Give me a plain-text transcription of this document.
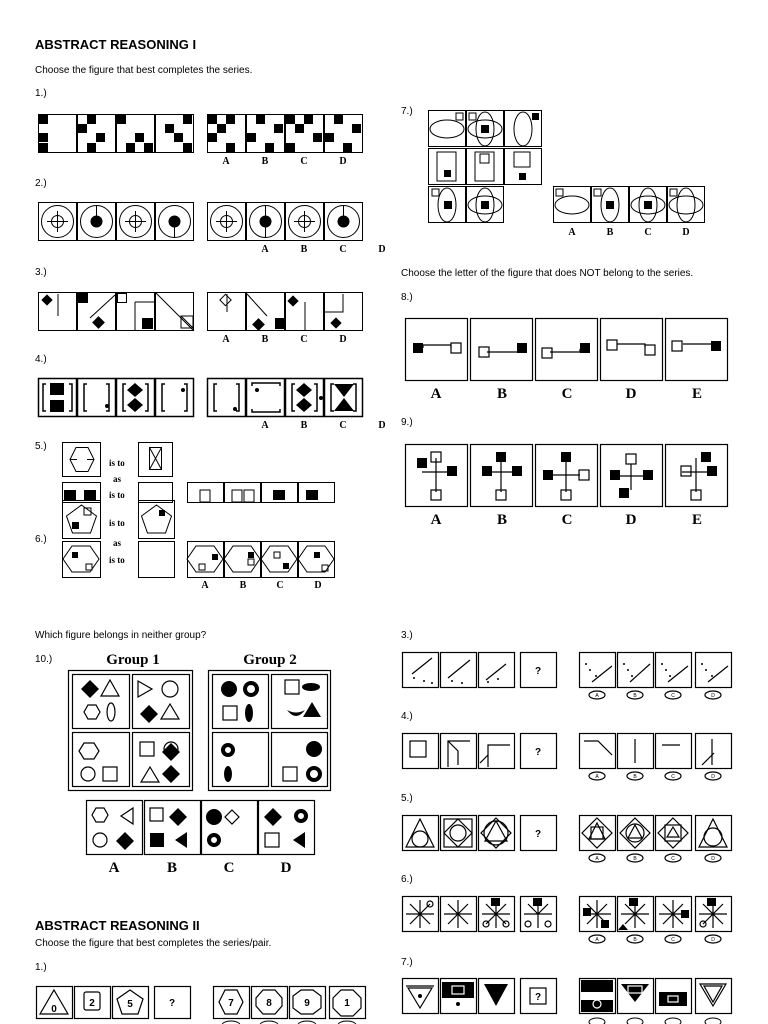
ABSTRACT REASONING I
Choose the figure that best completes the series.
1.)
2.)
3.)
4.)
5.)
6.)
7.)
Choose the letter of the figure that does NOT belong to the series.
8.)
9.)
Which figure belongs in neither group?
10.)
ABSTRACT REASONING II
Choose the figure that best completes the series/pair.
1.)
3.)
4.)
5.)
6.)
7.)
A	B	C	D
A	B	C	D
A	B	C	D
A	B	C	D
is to
as
is to
is to
as
is to
A	B	C	D
A	B	C	D
A	B	C	D	E
A	B	C	D	E
Group 1	Group 2
A	B	C	D
?
A	B	C	D
?
A	B	C	D
?
A	B	C	D
A	B	C	D
?
0
2	5	?	7	8	9	1
